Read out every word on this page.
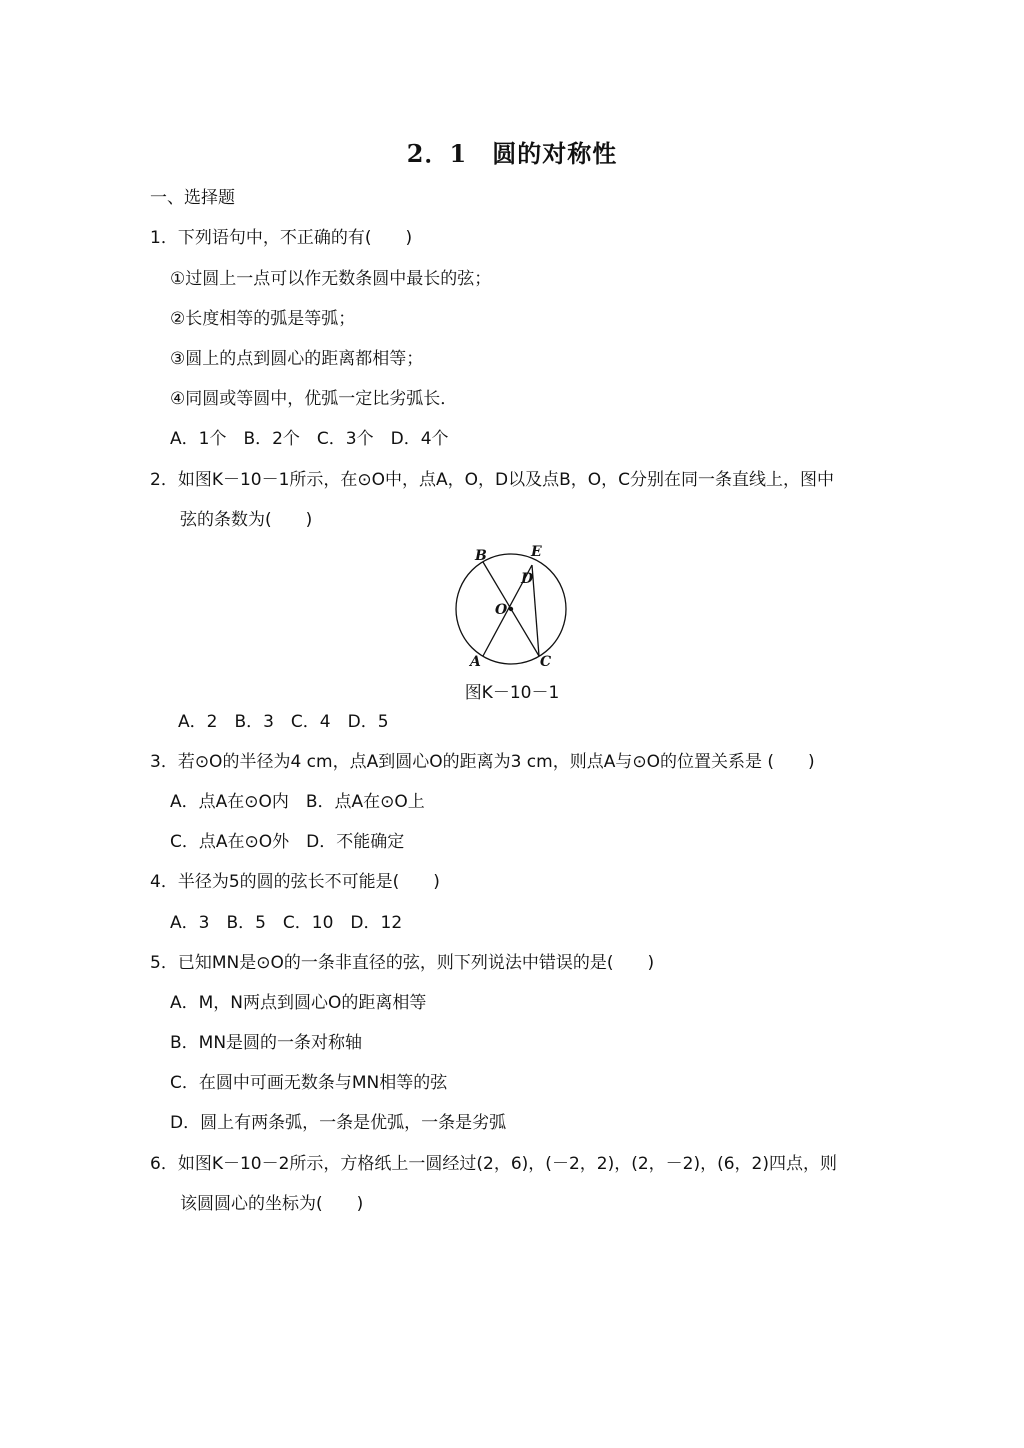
2．1　圆的对称性
一、选择题
1．下列语句中，不正确的有(　　)
①过圆上一点可以作无数条圆中最长的弦；
②长度相等的弧是等弧；
③圆上的点到圆心的距离都相等；
④同圆或等圆中，优弧一定比劣弧长．
A．1个　B．2个　C．3个　D．4个
2．如图K－10－1所示，在⊙O中，点A，O，D以及点B，O，C分别在同一条直线上，图中
弦的条数为(　　)
B	E
D
O
A	C
图K－10－1
A．2　B．3　C．4　D．5
3．若⊙O的半径为4 cm，点A到圆心O的距离为3 cm，则点A与⊙O的位置关系是 (　　)
A．点A在⊙O内　B．点A在⊙O上
C．点A在⊙O外　D．不能确定
4．半径为5的圆的弦长不可能是(　　)
A．3　B．5　C．10　D．12
5．已知MN是⊙O的一条非直径的弦，则下列说法中错误的是(　　)
A．M，N两点到圆心O的距离相等
B．MN是圆的一条对称轴
C．在圆中可画无数条与MN相等的弦
D．圆上有两条弧，一条是优弧，一条是劣弧
6．如图K－10－2所示，方格纸上一圆经过(2，6)，(－2，2)，(2，－2)，(6，2)四点，则
该圆圆心的坐标为(　　)
